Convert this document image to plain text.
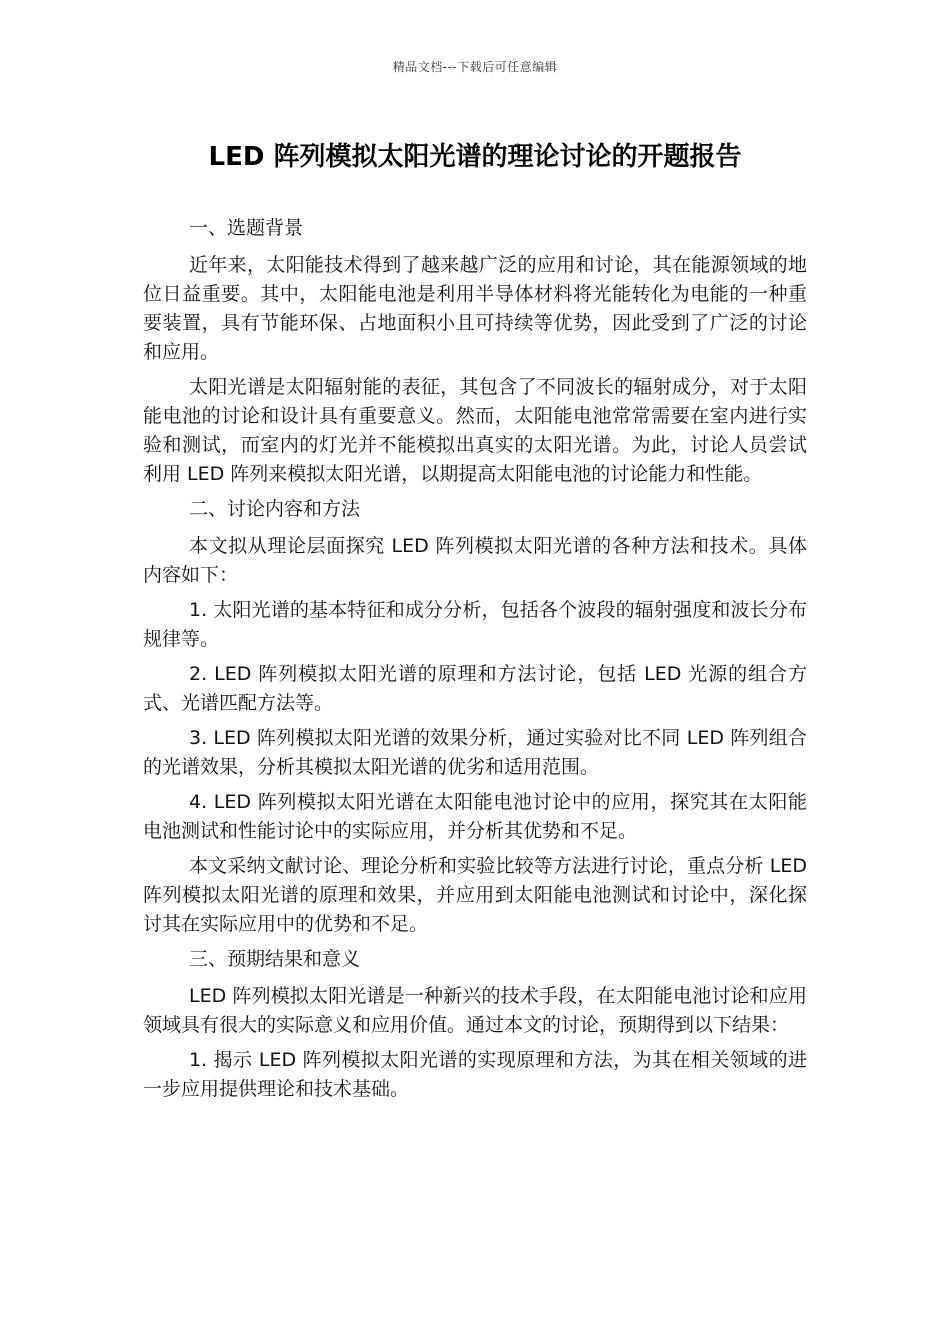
精品文档---下载后可任意编辑
LED 阵列模拟太阳光谱的理论讨论的开题报告

一、选题背景

近年来，太阳能技术得到了越来越广泛的应用和讨论，其在能源领域的地位日益重要。其中，太阳能电池是利用半导体材料将光能转化为电能的一种重要装置，具有节能环保、占地面积小且可持续等优势，因此受到了广泛的讨论和应用。

太阳光谱是太阳辐射能的表征，其包含了不同波长的辐射成分，对于太阳能电池的讨论和设计具有重要意义。然而，太阳能电池常常需要在室内进行实验和测试，而室内的灯光并不能模拟出真实的太阳光谱。为此，讨论人员尝试利用 LED 阵列来模拟太阳光谱，以期提高太阳能电池的讨论能力和性能。

二、讨论内容和方法

本文拟从理论层面探究 LED 阵列模拟太阳光谱的各种方法和技术。具体内容如下：

1. 太阳光谱的基本特征和成分分析，包括各个波段的辐射强度和波长分布规律等。

2. LED 阵列模拟太阳光谱的原理和方法讨论，包括 LED 光源的组合方式、光谱匹配方法等。

3. LED 阵列模拟太阳光谱的效果分析，通过实验对比不同 LED 阵列组合的光谱效果，分析其模拟太阳光谱的优劣和适用范围。

4. LED 阵列模拟太阳光谱在太阳能电池讨论中的应用，探究其在太阳能电池测试和性能讨论中的实际应用，并分析其优势和不足。

本文采纳文献讨论、理论分析和实验比较等方法进行讨论，重点分析 LED 阵列模拟太阳光谱的原理和效果，并应用到太阳能电池测试和讨论中，深化探讨其在实际应用中的优势和不足。

三、预期结果和意义

LED 阵列模拟太阳光谱是一种新兴的技术手段，在太阳能电池讨论和应用领域具有很大的实际意义和应用价值。通过本文的讨论，预期得到以下结果：

1. 揭示 LED 阵列模拟太阳光谱的实现原理和方法，为其在相关领域的进一步应用提供理论和技术基础。
